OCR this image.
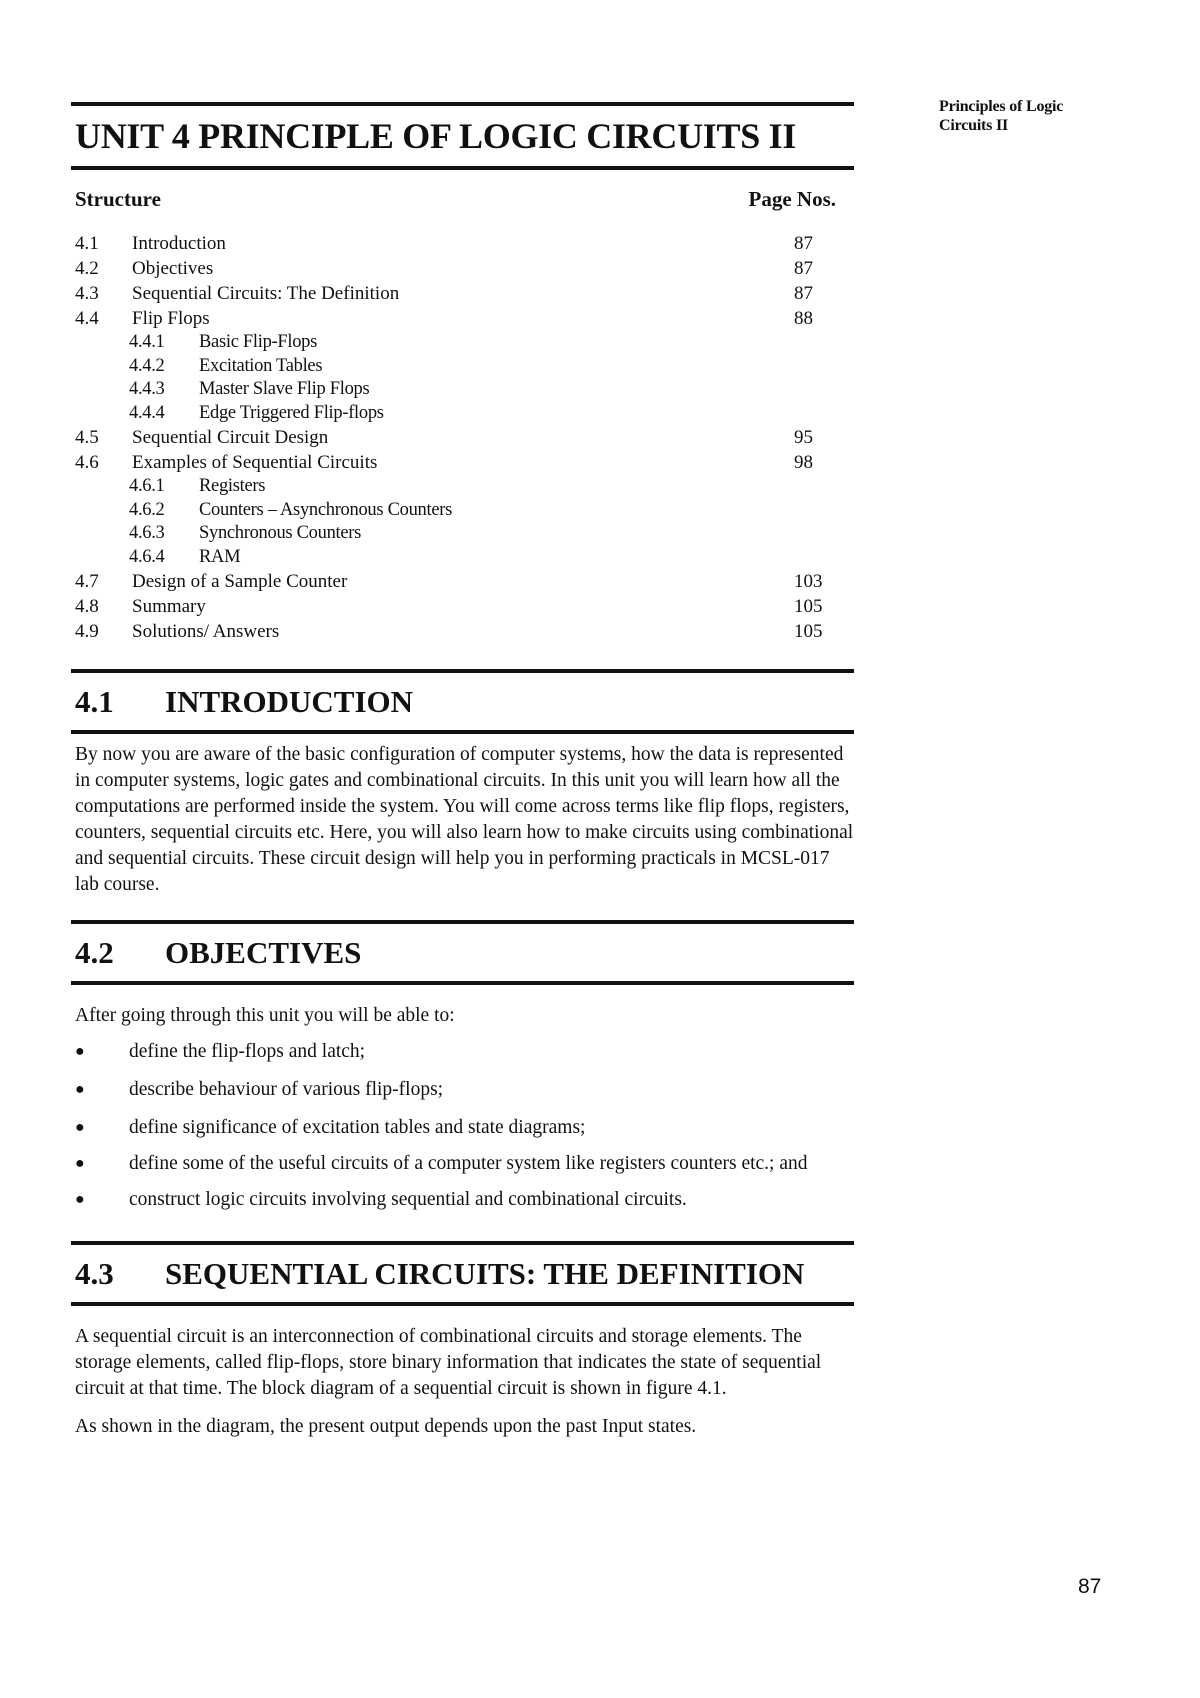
Principles of Logic
Circuits II
UNIT 4 PRINCIPLE OF LOGIC CIRCUITS II
Structure	Page Nos.
4.1	Introduction	87
4.2	Objectives	87
4.3	Sequential Circuits: The Definition	87
4.4	Flip Flops	88
4.4.1	Basic Flip-Flops
4.4.2	Excitation Tables
4.4.3	Master Slave Flip Flops
4.4.4	Edge Triggered Flip-flops
4.5	Sequential Circuit Design	95
4.6	Examples of Sequential Circuits	98
4.6.1	Registers
4.6.2	Counters – Asynchronous Counters
4.6.3	Synchronous Counters
4.6.4	RAM
4.7	Design of a Sample Counter	103
4.8	Summary	105
4.9	Solutions/ Answers	105
4.1	INTRODUCTION

By now you are aware of the basic configuration of computer systems, how the data is represented in computer systems, logic gates and combinational circuits. In this unit you will learn how all the computations are performed inside the system. You will come across terms like flip flops, registers, counters, sequential circuits etc. Here, you will also learn how to make circuits using combinational and sequential circuits. These circuit design will help you in performing practicals in MCSL-017 lab course.

4.2	OBJECTIVES

After going through this unit you will be able to:

●	define the flip-flops and latch;
●	describe behaviour of various flip-flops;
●	define significance of excitation tables and state diagrams;
●	define some of the useful circuits of a computer system like registers counters etc.; and
●	construct logic circuits involving sequential and combinational circuits.
4.3	SEQUENTIAL CIRCUITS: THE DEFINITION

A sequential circuit is an interconnection of combinational circuits and storage elements. The storage elements, called flip-flops, store binary information that indicates the state of sequential circuit at that time. The block diagram of a sequential circuit is shown in figure 4.1.

As shown in the diagram, the present output depends upon the past Input states.

87
